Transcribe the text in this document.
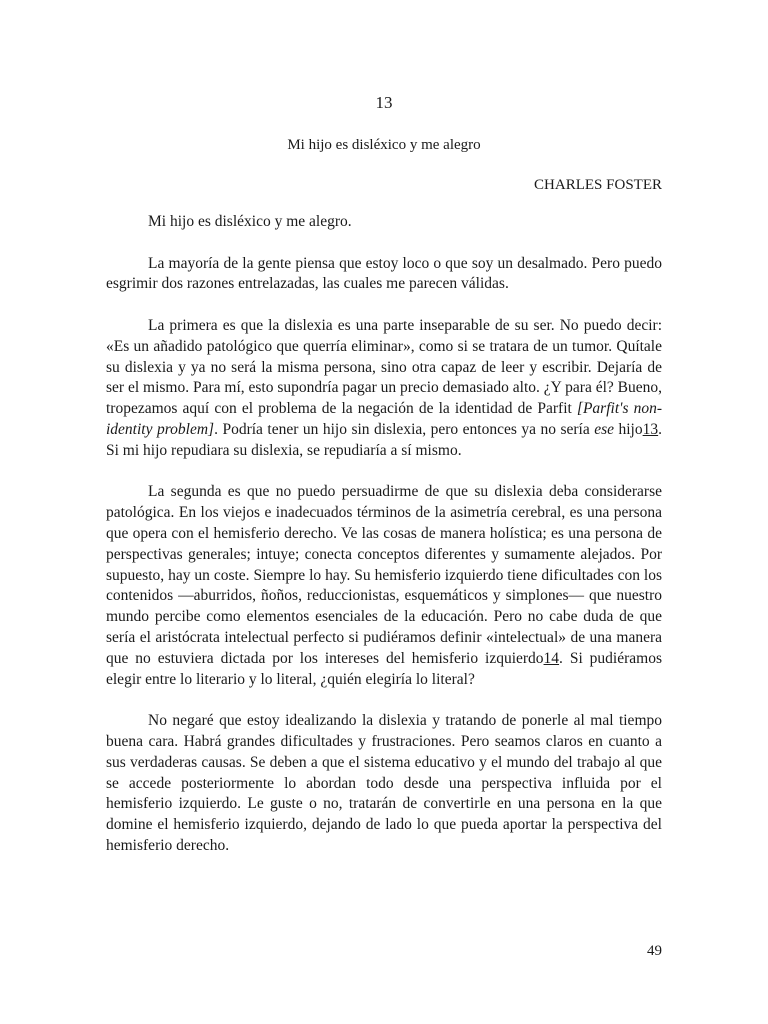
13
Mi hijo es disléxico y me alegro
CHARLES FOSTER

Mi hijo es disléxico y me alegro.

La mayoría de la gente piensa que estoy loco o que soy un desalmado. Pero puedo esgrimir dos razones entrelazadas, las cuales me parecen válidas.

La primera es que la dislexia es una parte inseparable de su ser. No puedo decir: «Es un añadido patológico que querría eliminar», como si se tratara de un tumor. Quítale su dislexia y ya no será la misma persona, sino otra capaz de leer y escribir. Dejaría de ser el mismo. Para mí, esto supondría pagar un precio demasiado alto. ¿Y para él? Bueno, tropezamos aquí con el problema de la negación de la identidad de Parfit [Parfit's non-identity problem]. Podría tener un hijo sin dislexia, pero entonces ya no sería ese hijo13. Si mi hijo repudiara su dislexia, se repudiaría a sí mismo.

La segunda es que no puedo persuadirme de que su dislexia deba considerarse patológica. En los viejos e inadecuados términos de la asimetría cerebral, es una persona que opera con el hemisferio derecho. Ve las cosas de manera holística; es una persona de perspectivas generales; intuye; conecta conceptos diferentes y sumamente alejados. Por supuesto, hay un coste. Siempre lo hay. Su hemisferio izquierdo tiene dificultades con los contenidos —aburridos, ñoños, reduccionistas, esquemáticos y simplones— que nuestro mundo percibe como elementos esenciales de la educación. Pero no cabe duda de que sería el aristócrata intelectual perfecto si pudiéramos definir «intelectual» de una manera que no estuviera dictada por los intereses del hemisferio izquierdo14. Si pudiéramos elegir entre lo literario y lo literal, ¿quién elegiría lo literal?

No negaré que estoy idealizando la dislexia y tratando de ponerle al mal tiempo buena cara. Habrá grandes dificultades y frustraciones. Pero seamos claros en cuanto a sus verdaderas causas. Se deben a que el sistema educativo y el mundo del trabajo al que se accede posteriormente lo abordan todo desde una perspectiva influida por el hemisferio izquierdo. Le guste o no, tratarán de convertirle en una persona en la que domine el hemisferio izquierdo, dejando de lado lo que pueda aportar la perspectiva del hemisferio derecho.

49
